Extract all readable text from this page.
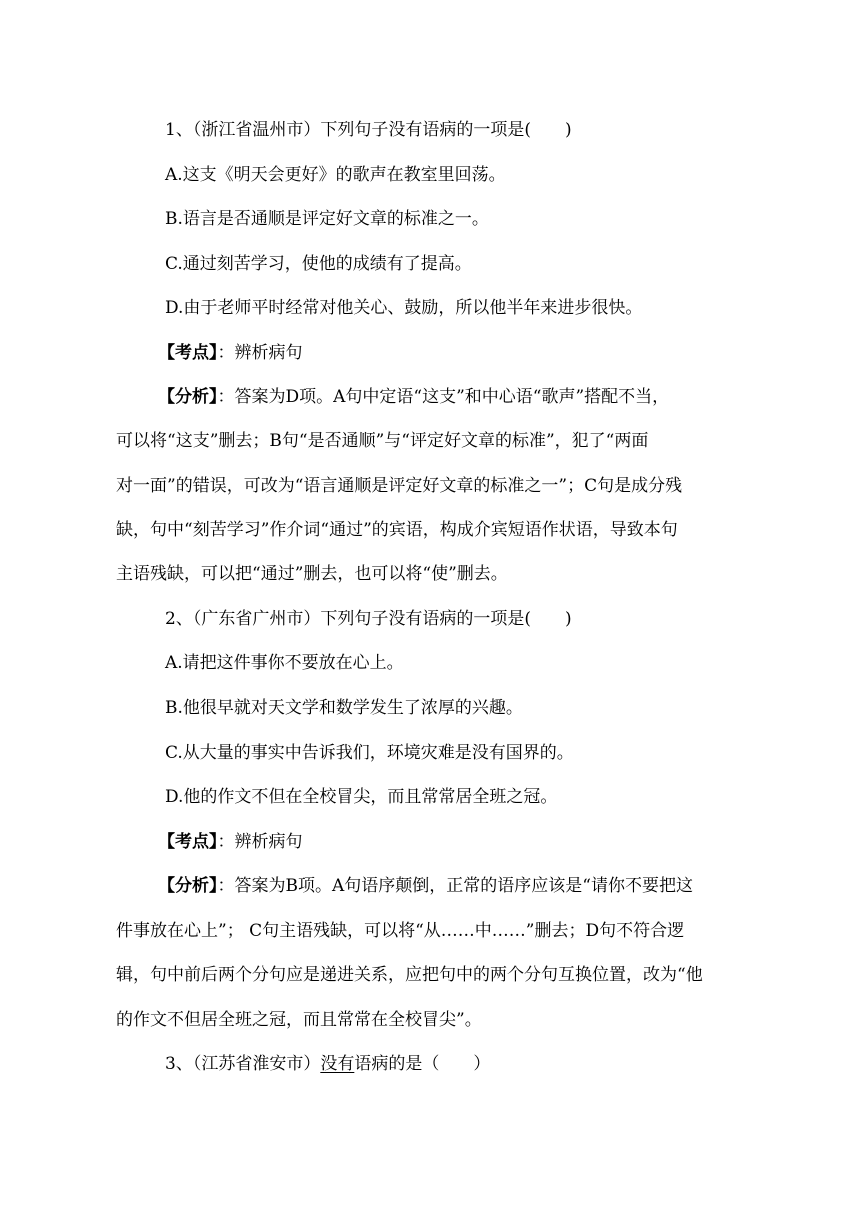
1、（浙江省温州市）下列句子没有语病的一项是(　　)
A.这支《明天会更好》的歌声在教室里回荡。
B.语言是否通顺是评定好文章的标准之一。
C.通过刻苦学习，使他的成绩有了提高。
D.由于老师平时经常对他关心、鼓励，所以他半年来进步很快。
【考点】：辨析病句
【分析】：答案为D项。A句中定语“这支”和中心语“歌声”搭配不当，
可以将“这支”删去；B句“是否通顺”与“评定好文章的标准”，犯了“两面
对一面”的错误，可改为“语言通顺是评定好文章的标准之一”；C句是成分残
缺，句中“刻苦学习”作介词“通过”的宾语，构成介宾短语作状语，导致本句
主语残缺，可以把“通过”删去，也可以将“使”删去。
2、（广东省广州市）下列句子没有语病的一项是(　　)
A.请把这件事你不要放在心上。
B.他很早就对天文学和数学发生了浓厚的兴趣。
C.从大量的事实中告诉我们，环境灾难是没有国界的。
D.他的作文不但在全校冒尖，而且常常居全班之冠。
【考点】：辨析病句
【分析】：答案为B项。A句语序颠倒，正常的语序应该是“请你不要把这
件事放在心上”； C句主语残缺，可以将“从……中……”删去；D句不符合逻
辑，句中前后两个分句应是递进关系，应把句中的两个分句互换位置，改为“他
的作文不但居全班之冠，而且常常在全校冒尖”。
3、（江苏省淮安市）没有语病的是（　　）
